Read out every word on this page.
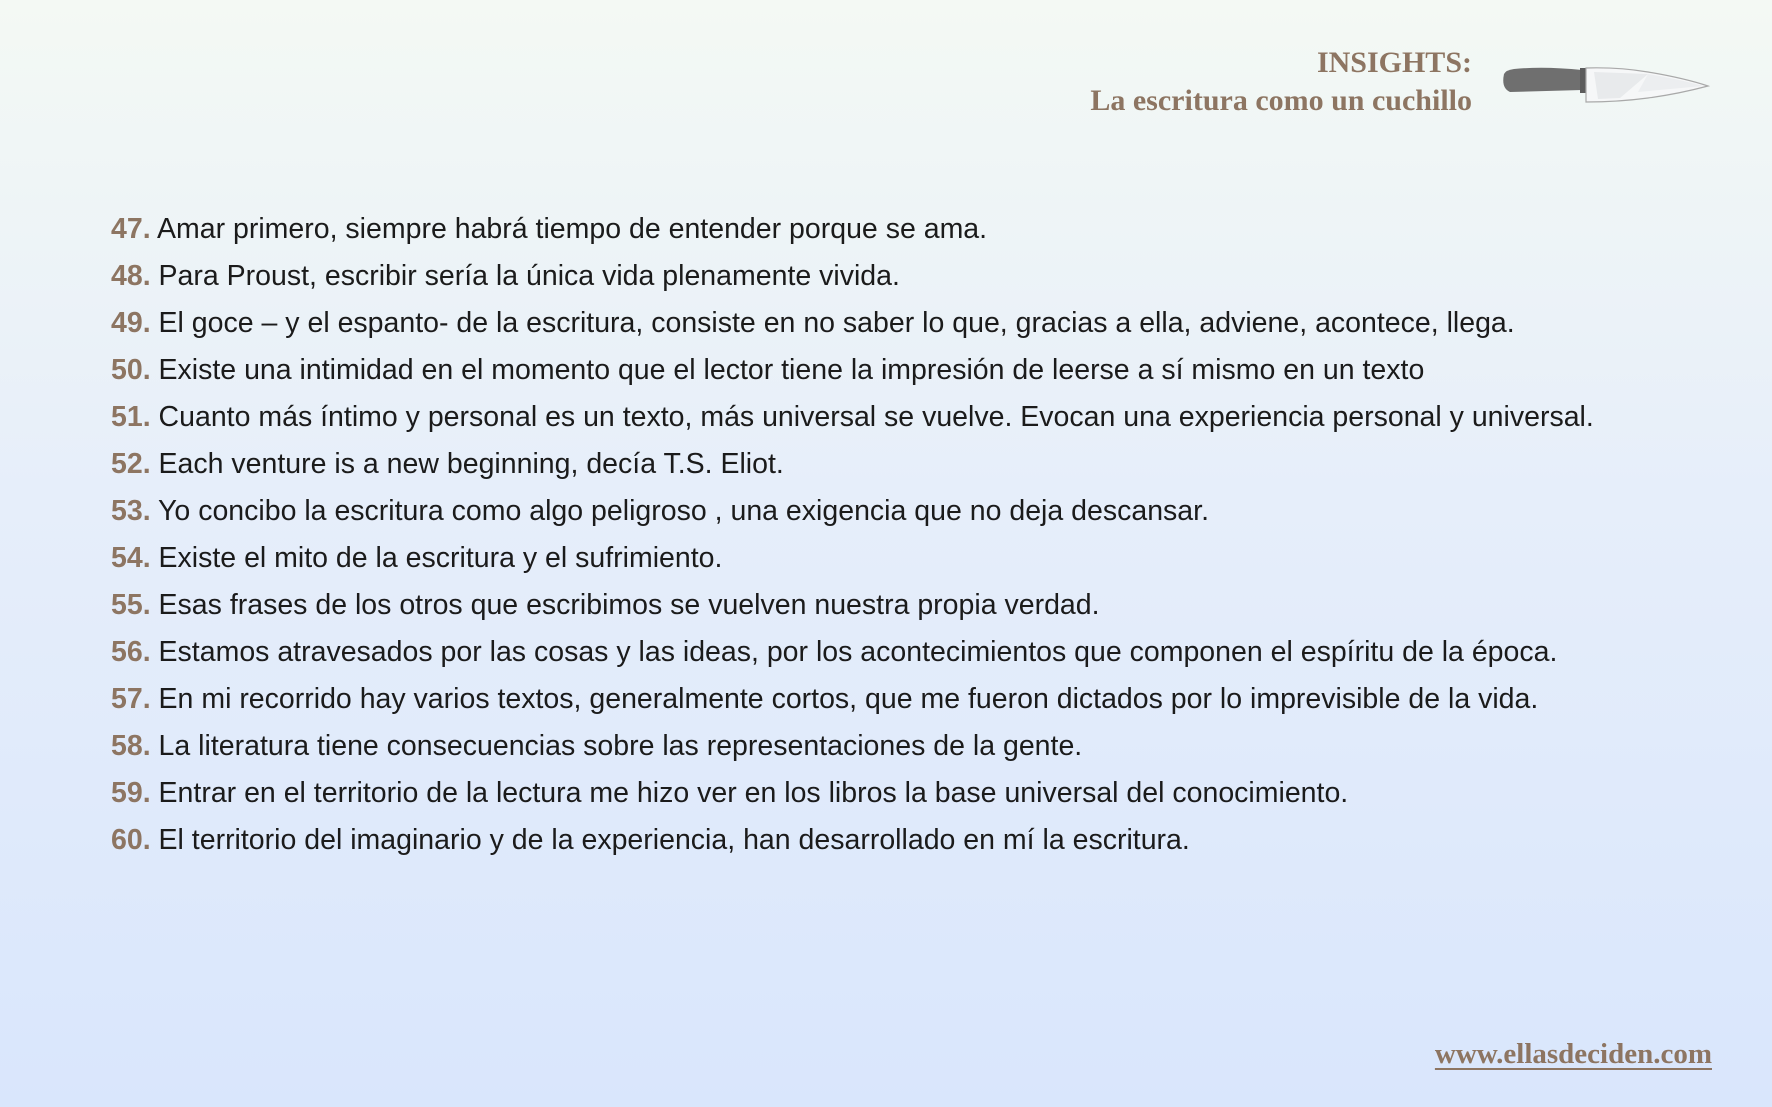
INSIGHTS:
La escritura como un cuchillo
47. Amar primero, siempre habrá tiempo de entender porque se ama.
48. Para Proust, escribir sería la única vida plenamente vivida.
49. El goce – y el espanto- de la escritura, consiste en no saber lo que, gracias a ella, adviene, acontece, llega.
50. Existe una intimidad en el momento que el lector tiene la impresión de leerse a sí mismo en un texto
51. Cuanto más íntimo y personal es un texto, más universal se vuelve. Evocan una experiencia personal y universal.
52. Each venture is a new beginning, decía T.S. Eliot.
53. Yo concibo la escritura como algo peligroso , una exigencia que no deja descansar.
54. Existe el mito de la escritura y el sufrimiento.
55. Esas frases de los otros que escribimos se vuelven nuestra propia verdad.
56. Estamos atravesados por las cosas y las ideas, por los acontecimientos que componen el espíritu de la época.
57. En mi recorrido hay varios textos, generalmente cortos, que me fueron dictados por lo imprevisible de la vida.
58. La literatura tiene consecuencias sobre las representaciones de la gente.
59. Entrar en el territorio de la lectura me hizo ver en los libros la base universal del conocimiento.
60. El territorio del imaginario y de la experiencia, han desarrollado en mí la escritura.
www.ellasdeciden.com
